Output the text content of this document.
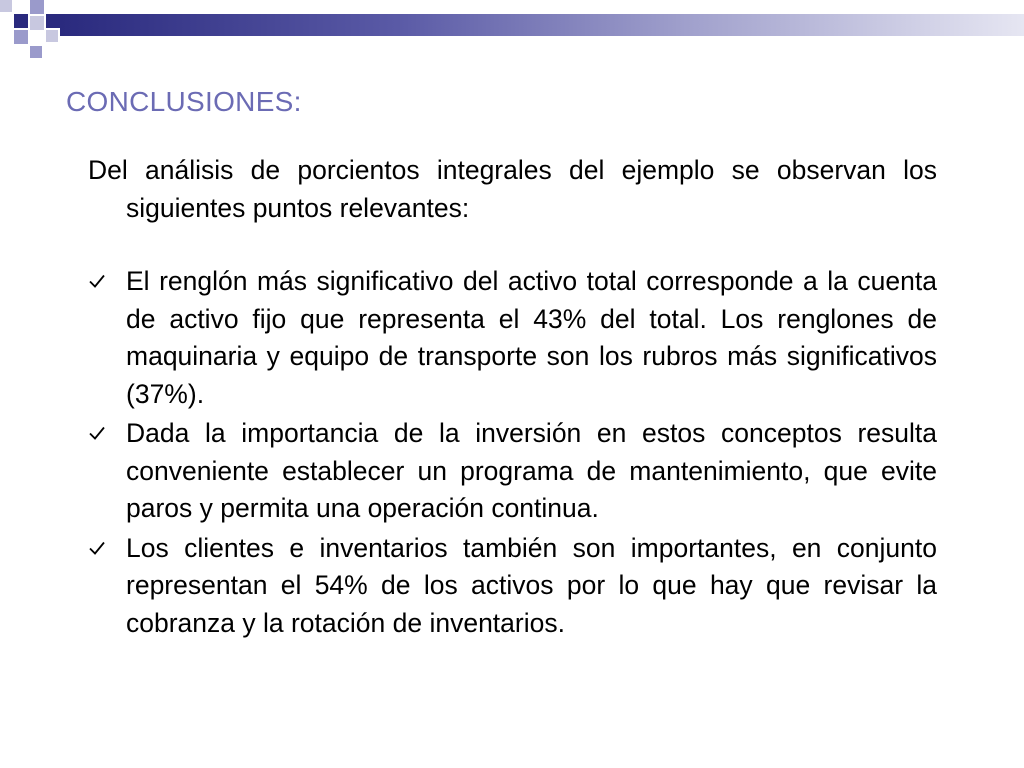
CONCLUSIONES:

Del análisis de porcientos integrales del ejemplo se observan los siguientes puntos relevantes:

El renglón más significativo del activo total corresponde a la cuenta de activo fijo que representa el 43% del total. Los renglones de maquinaria y equipo de transporte son los rubros más significativos (37%).
Dada la importancia de la inversión en estos conceptos resulta conveniente establecer un programa de mantenimiento, que evite paros y permita una operación continua.
Los clientes e inventarios también son importantes, en conjunto representan el 54% de los activos por lo que hay que revisar la cobranza y la rotación de inventarios.
